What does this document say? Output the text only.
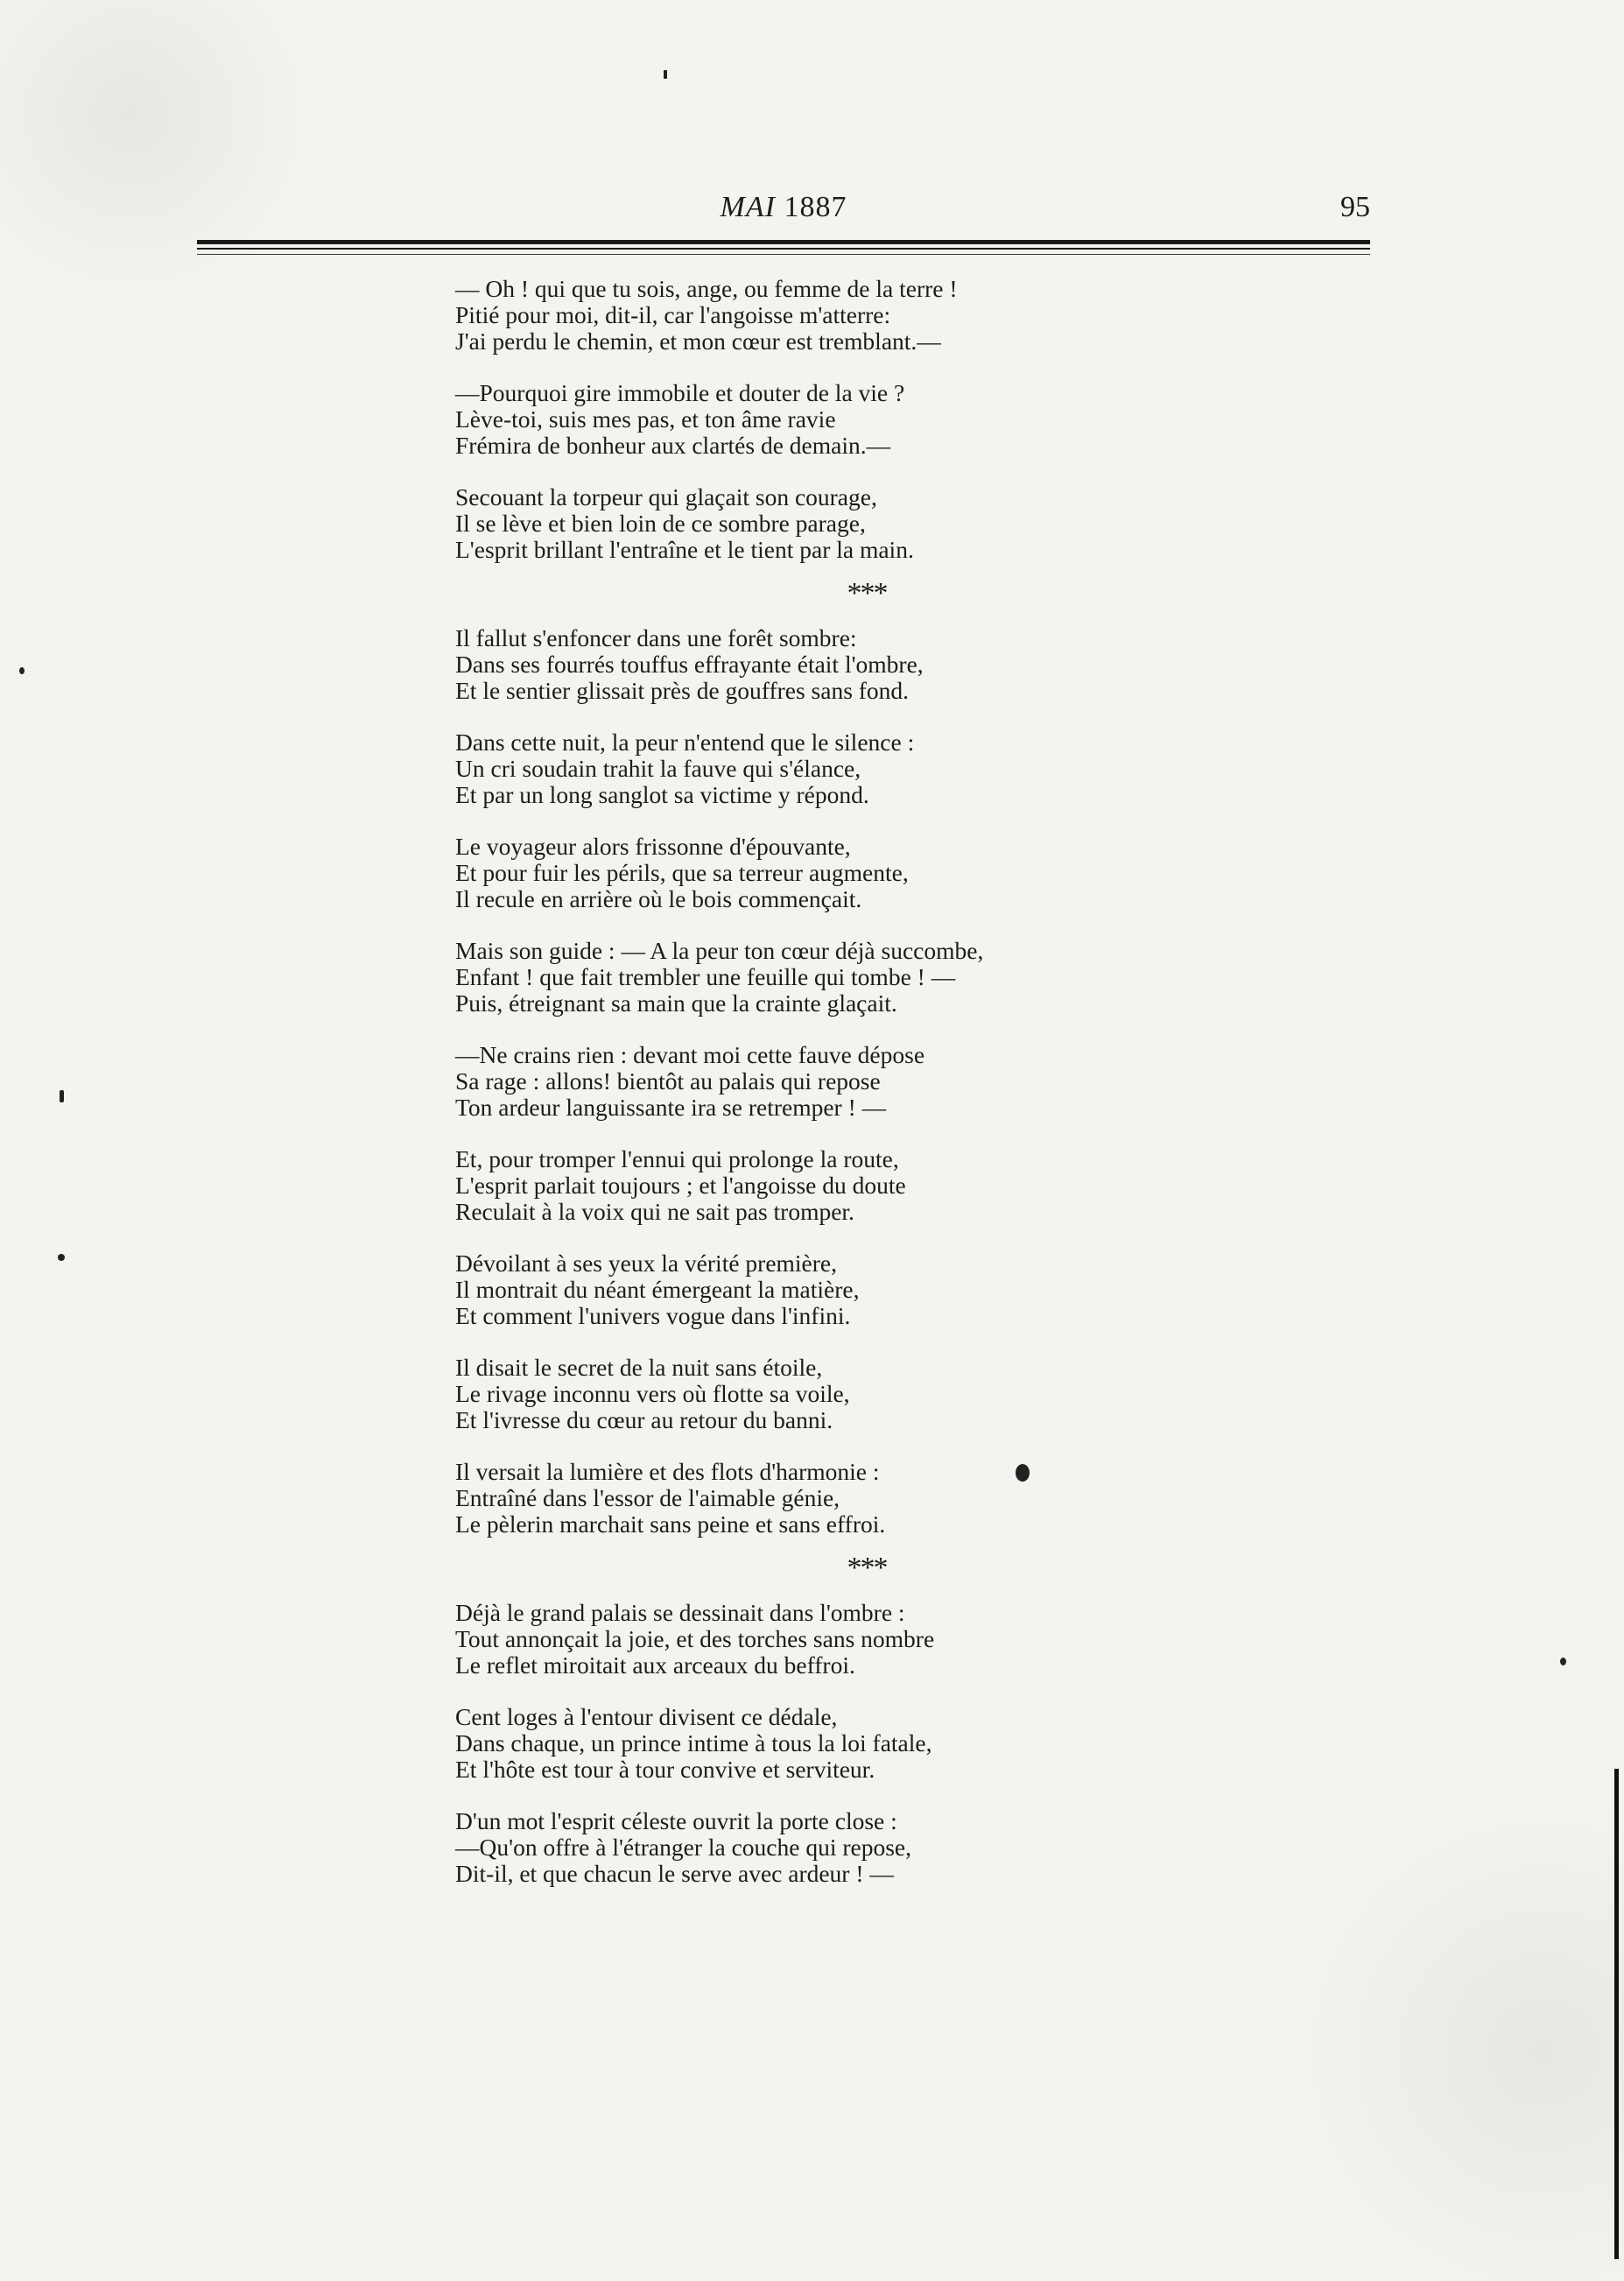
MAI 1887	95
— Oh ! qui que tu sois, ange, ou femme de la terre !
Pitié pour moi, dit-il, car l'angoisse m'atterre:
J'ai perdu le chemin, et mon cœur est tremblant.—
—Pourquoi gire immobile et douter de la vie ?
Lève-toi, suis mes pas, et ton âme ravie
Frémira de bonheur aux clartés de demain.—
Secouant la torpeur qui glaçait son courage,
Il se lève et bien loin de ce sombre parage,
L'esprit brillant l'entraîne et le tient par la main.
***
Il fallut s'enfoncer dans une forêt sombre:
Dans ses fourrés touffus effrayante était l'ombre,
Et le sentier glissait près de gouffres sans fond.
Dans cette nuit, la peur n'entend que le silence :
Un cri soudain trahit la fauve qui s'élance,
Et par un long sanglot sa victime y répond.
Le voyageur alors frissonne d'épouvante,
Et pour fuir les périls, que sa terreur augmente,
Il recule en arrière où le bois commençait.
Mais son guide : — A la peur ton cœur déjà succombe,
Enfant ! que fait trembler une feuille qui tombe ! —
Puis, étreignant sa main que la crainte glaçait.
—Ne crains rien : devant moi cette fauve dépose
Sa rage : allons! bientôt au palais qui repose
Ton ardeur languissante ira se retremper ! —
Et, pour tromper l'ennui qui prolonge la route,
L'esprit parlait toujours ; et l'angoisse du doute
Reculait à la voix qui ne sait pas tromper.
Dévoilant à ses yeux la vérité première,
Il montrait du néant émergeant la matière,
Et comment l'univers vogue dans l'infini.
Il disait le secret de la nuit sans étoile,
Le rivage inconnu vers où flotte sa voile,
Et l'ivresse du cœur au retour du banni.
Il versait la lumière et des flots d'harmonie :
Entraîné dans l'essor de l'aimable génie,
Le pèlerin marchait sans peine et sans effroi.
***
Déjà le grand palais se dessinait dans l'ombre :
Tout annonçait la joie, et des torches sans nombre
Le reflet miroitait aux arceaux du beffroi.
Cent loges à l'entour divisent ce dédale,
Dans chaque, un prince intime à tous la loi fatale,
Et l'hôte est tour à tour convive et serviteur.
D'un mot l'esprit céleste ouvrit la porte close :
—Qu'on offre à l'étranger la couche qui repose,
Dit-il, et que chacun le serve avec ardeur ! —
